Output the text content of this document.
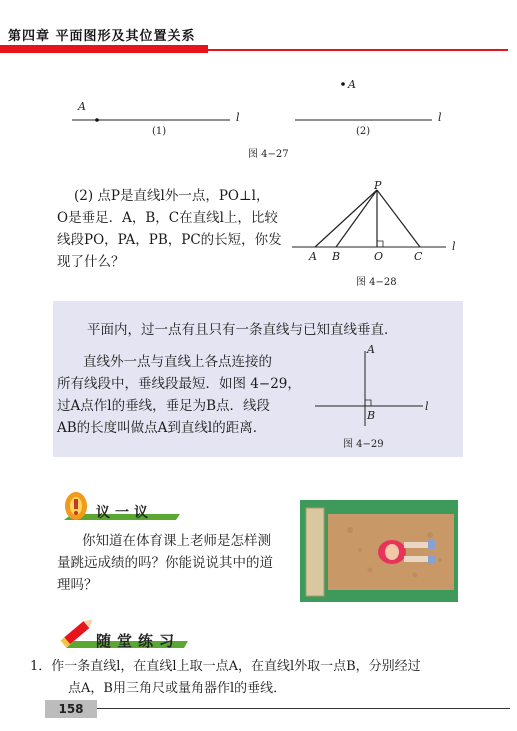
第四章 平面图形及其位置关系
A
l
(1)
A
l
(2)
图 4−27
(2) 点P是直线l外一点，PO⊥l，
O是垂足．A，B，C在直线l上，比较
线段PO，PA，PB，PC的长短，你发
现了什么？
P
A B	O	C
l
图 4−28
平面内，过一点有且只有一条直线与已知直线垂直．
直线外一点与直线上各点连接的
所有线段中，垂线段最短．如图 4−29，
过A点作l的垂线，垂足为B点．线段
AB的长度叫做点A到直线l的距离．
A
B
l
图 4−29
议一议
你知道在体育课上老师是怎样测
量跳远成绩的吗？你能说说其中的道
理吗？
随堂练习
1．作一条直线l，在直线l上取一点A，在直线l外取一点B，分别经过
点A，B用三角尺或量角器作l的垂线．
158
